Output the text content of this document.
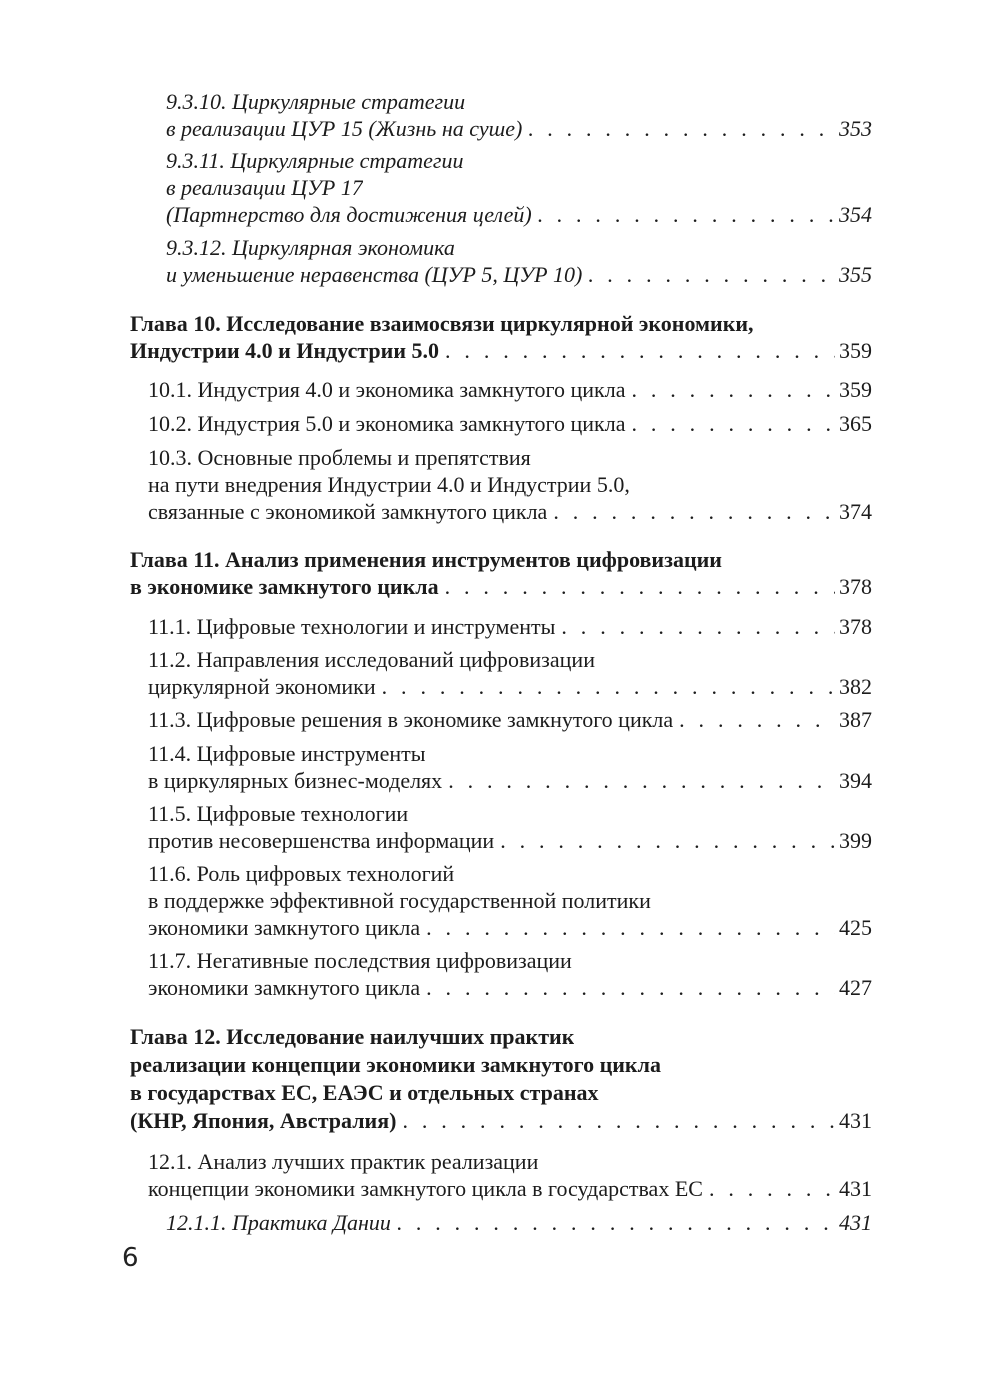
9.3.10. Циркулярные стратегии
в реализации ЦУР 15 (Жизнь на суше) . . .	353
9.3.11. Циркулярные стратегии
в реализации ЦУР 17
(Партнерство для достижения целей) . . .	354
9.3.12. Циркулярная экономика
и уменьшение неравенства (ЦУР 5, ЦУР 10) . . .	355
Глава 10. Исследование взаимосвязи циркулярной экономики,
Индустрии 4.0 и Индустрии 5.0 . . .	359
10.1. Индустрия 4.0 и экономика замкнутого цикла . . .	359
10.2. Индустрия 5.0 и экономика замкнутого цикла . . .	365
10.3. Основные проблемы и препятствия
на пути внедрения Индустрии 4.0 и Индустрии 5.0,
связанные с экономикой замкнутого цикла . . .	374
Глава 11. Анализ применения инструментов цифровизации
в экономике замкнутого цикла . . .	378
11.1. Цифровые технологии и инструменты . . .	378
11.2. Направления исследований цифровизации
циркулярной экономики . . .	382
11.3. Цифровые решения в экономике замкнутого цикла . . .	387
11.4. Цифровые инструменты
в циркулярных бизнес-моделях . . .	394
11.5. Цифровые технологии
против несовершенства информации . . .	399
11.6. Роль цифровых технологий
в поддержке эффективной государственной политики
экономики замкнутого цикла . . .	425
11.7. Негативные последствия цифровизации
экономики замкнутого цикла . . .	427
Глава 12. Исследование наилучших практик
реализации концепции экономики замкнутого цикла
в государствах ЕС, ЕАЭС и отдельных странах
(КНР, Япония, Австралия) . . .	431
12.1. Анализ лучших практик реализации
концепции экономики замкнутого цикла в государствах ЕС . . .	431
12.1.1. Практика Дании . . .	431
6
